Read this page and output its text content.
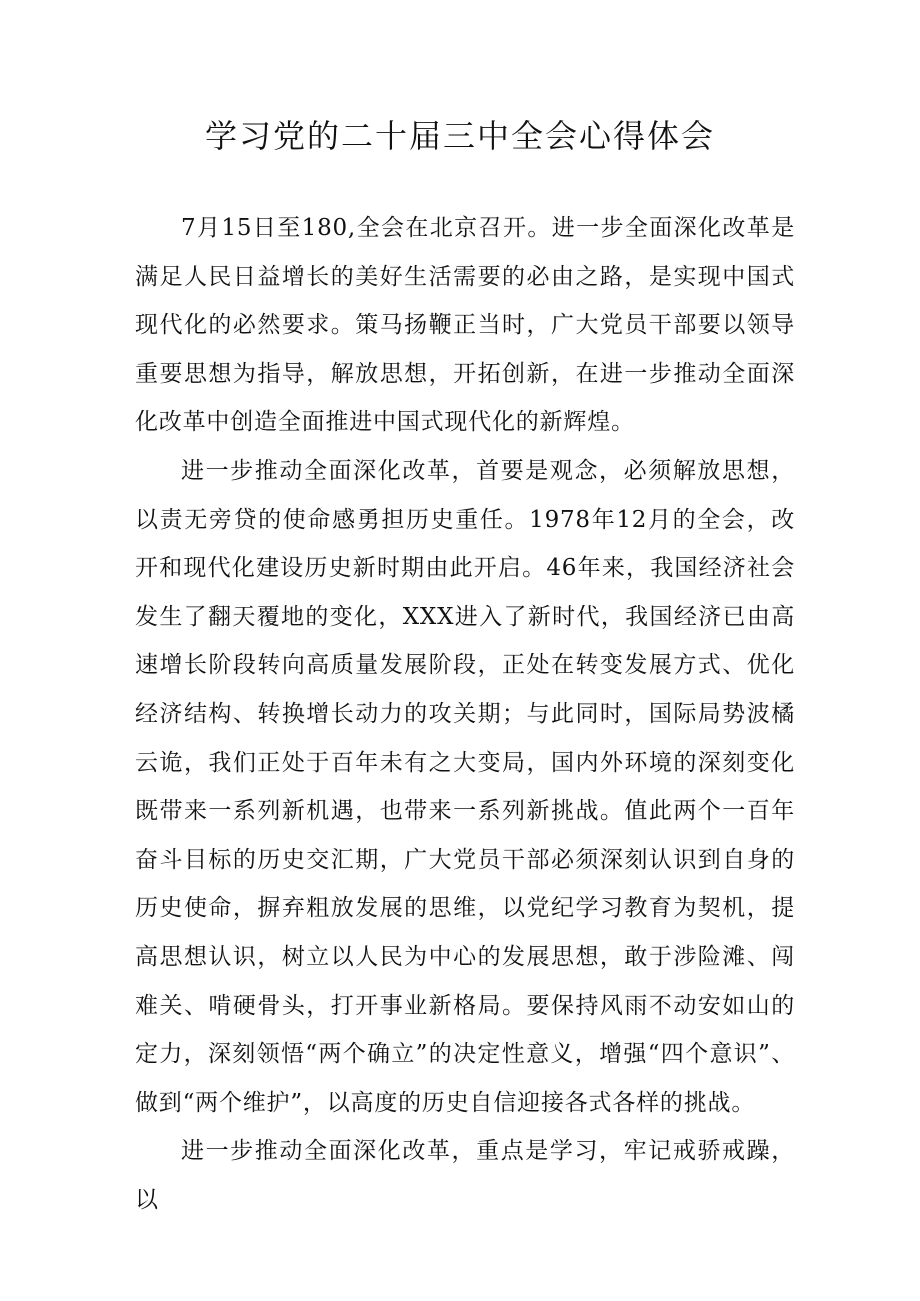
学习党的二十届三中全会心得体会

7月15日至180,全会在北京召开。进一步全面深化改革是满足人民日益增长的美好生活需要的必由之路，是实现中国式现代化的必然要求。策马扬鞭正当时，广大党员干部要以领导重要思想为指导，解放思想，开拓创新，在进一步推动全面深化改革中创造全面推进中国式现代化的新辉煌。

进一步推动全面深化改革，首要是观念，必须解放思想，以责无旁贷的使命感勇担历史重任。1978年12月的全会，改开和现代化建设历史新时期由此开启。46年来，我国经济社会发生了翻天覆地的变化，XXX进入了新时代，我国经济已由高速增长阶段转向高质量发展阶段，正处在转变发展方式、优化经济结构、转换增长动力的攻关期；与此同时，国际局势波橘云诡，我们正处于百年未有之大变局，国内外环境的深刻变化既带来一系列新机遇，也带来一系列新挑战。值此两个一百年奋斗目标的历史交汇期，广大党员干部必须深刻认识到自身的历史使命，摒弃粗放发展的思维，以党纪学习教育为契机，提高思想认识，树立以人民为中心的发展思想，敢于涉险滩、闯难关、啃硬骨头，打开事业新格局。要保持风雨不动安如山的定力，深刻领悟“两个确立”的决定性意义，增强“四个意识”、做到“两个维护”，以高度的历史自信迎接各式各样的挑战。

进一步推动全面深化改革，重点是学习，牢记戒骄戒躁，以
